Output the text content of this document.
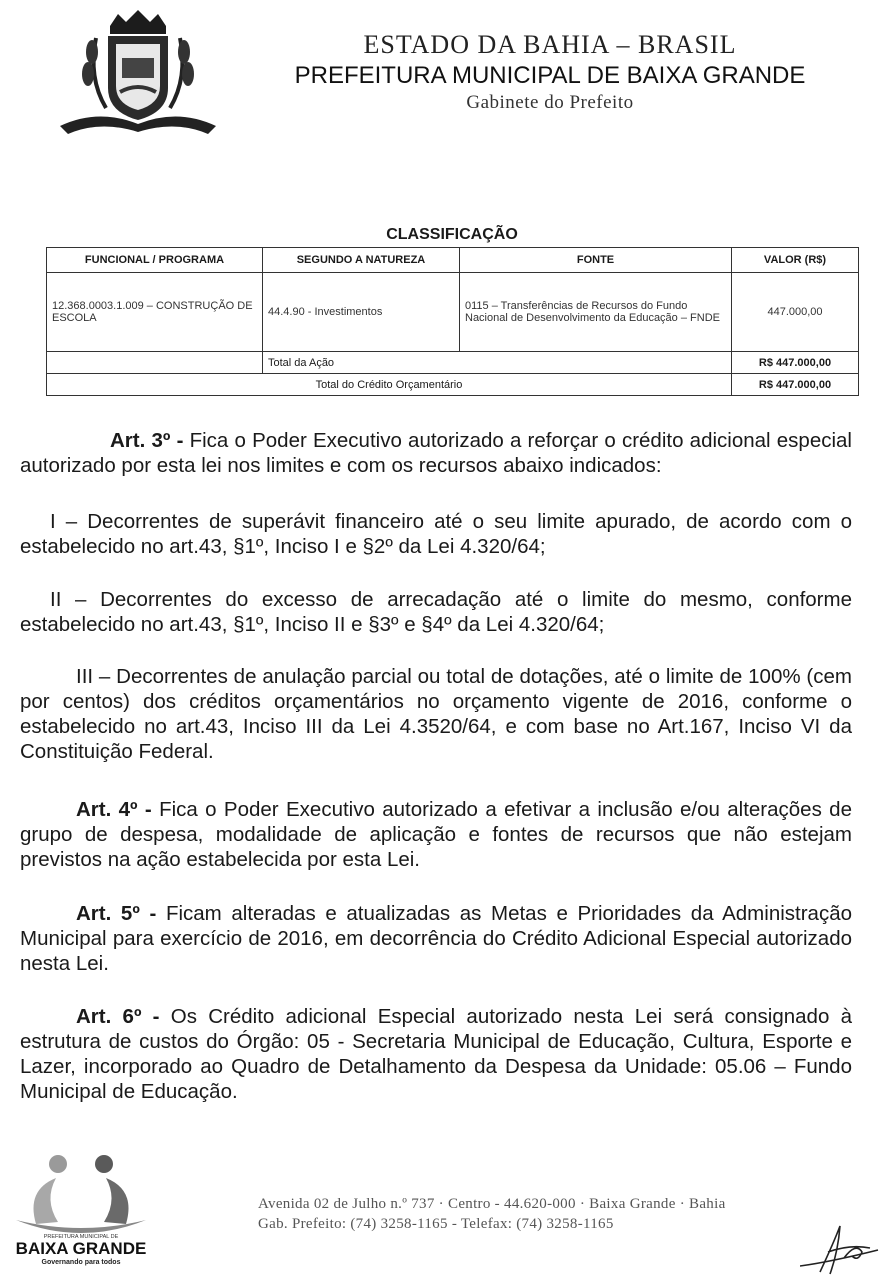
ESTADO DA BAHIA – BRASIL
PREFEITURA MUNICIPAL DE BAIXA GRANDE
Gabinete do Prefeito
CLASSIFICAÇÃO
FUNCIONAL / PROGRAMA	SEGUNDO A NATUREZA	FONTE	VALOR (R$)
12.368.0003.1.009 – CONSTRUÇÃO DE ESCOLA	44.4.90 - Investimentos	0115 – Transferências de Recursos do Fundo Nacional de Desenvolvimento da Educação – FNDE	447.000,00
	Total da Ação		R$ 447.000,00
Total do Crédito Orçamentário			R$ 447.000,00
Art. 3º - Fica o Poder Executivo autorizado a reforçar o crédito adicional especial autorizado por esta lei nos limites e com os recursos abaixo indicados:
I – Decorrentes de superávit financeiro até o seu limite apurado, de acordo com o estabelecido no art.43, §1º, Inciso I e §2º da Lei 4.320/64;
II – Decorrentes do excesso de arrecadação até o limite do mesmo, conforme estabelecido no art.43, §1º, Inciso II e §3º e §4º da Lei 4.320/64;
III – Decorrentes de anulação parcial ou total de dotações, até o limite de 100% (cem por centos) dos créditos orçamentários no orçamento vigente de 2016, conforme o estabelecido no art.43, Inciso III da Lei 4.3520/64, e com base no Art.167, Inciso VI da Constituição Federal.
Art. 4º - Fica o Poder Executivo autorizado a efetivar a inclusão e/ou alterações de grupo de despesa, modalidade de aplicação e fontes de recursos que não estejam previstos na ação estabelecida por esta Lei.
Art. 5º - Ficam alteradas e atualizadas as Metas e Prioridades da Administração Municipal para exercício de 2016, em decorrência do Crédito Adicional Especial autorizado nesta Lei.
Art. 6º - Os Crédito adicional Especial autorizado nesta Lei será consignado à estrutura de custos do Órgão: 05 - Secretaria Municipal de Educação, Cultura, Esporte e Lazer, incorporado ao Quadro de Detalhamento da Despesa da Unidade: 05.06 – Fundo Municipal de Educação.
PREFEITURA MUNICIPAL DE
BAIXA GRANDE
Governando para todos
Avenida 02 de Julho n.º 737 · Centro - 44.620-000 · Baixa Grande · Bahia
Gab. Prefeito: (74) 3258-1165 - Telefax: (74) 3258-1165
